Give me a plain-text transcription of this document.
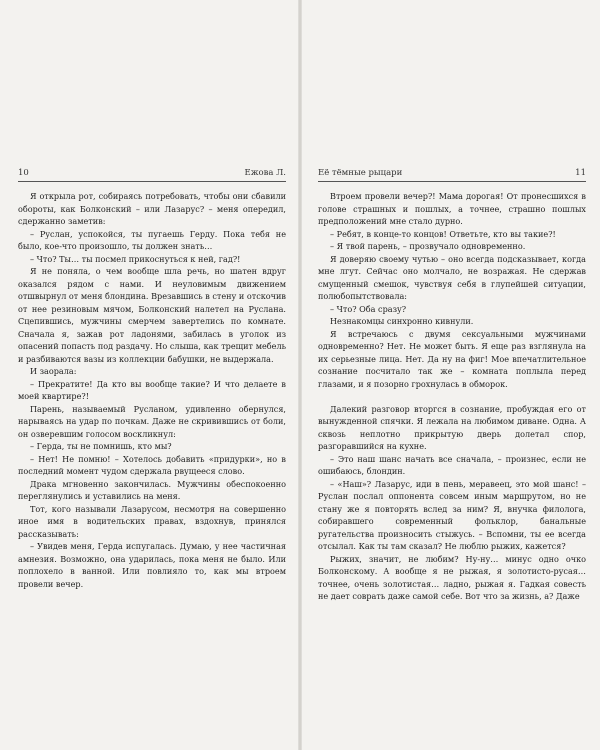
10	Ежова Л.

Я открыла рот, собираясь потребовать, чтобы они сбавили обороты, как Болконский – или Лазарус? – меня опередил, сдержанно заметив:

– Руслан, успокойся, ты пугаешь Герду. Пока тебя не было, кое-что произошло, ты должен знать…

– Что? Ты… ты посмел прикоснуться к ней, гад?!

Я не поняла, о чем вообще шла речь, но шатен вдруг оказался рядом с нами. И неуловимым движением отшвырнул от меня блондина. Врезавшись в стену и отскочив от нее резиновым мячом, Болконский налетел на Руслана. Сцепившись, мужчины смерчем завертелись по комнате. Сначала я, зажав рот ладонями, забилась в уголок из опасений попасть под раздачу. Но слыша, как трещит мебель и разбиваются вазы из коллекции бабушки, не выдержала.

И заорала:

– Прекратите! Да кто вы вообще такие? И что делаете в моей квартире?!

Парень, называемый Русланом, удивленно обернулся, нарываясь на удар по почкам. Даже не скривившись от боли, он озверевшим голосом воскликнул:

– Герда, ты не помнишь, кто мы?

– Нет! Не помню! – Хотелось добавить «придурки», но в последний момент чудом сдержала рвущееся слово.

Драка мгновенно закончилась. Мужчины обеспокоенно переглянулись и уставились на меня.

Тот, кого называли Лазарусом, несмотря на совершенно иное имя в водительских правах, вздохнув, принялся рассказывать:

– Увидев меня, Герда испугалась. Думаю, у нее частичная амнезия. Возможно, она ударилась, пока меня не было. Или поплохело в ванной. Или повлияло то, как мы втроем провели вечер.

Её тёмные рыцари	11

Втроем провели вечер?! Мама дорогая! От пронесшихся в голове страшных и пошлых, а точнее, страшно пошлых предположений мне стало дурно.

– Ребят, в конце-то концов! Ответьте, кто вы такие?!

– Я твой парень, – прозвучало одновременно.

Я доверяю своему чутью – оно всегда подсказывает, когда мне лгут. Сейчас оно молчало, не возражая. Не сдержав смущенный смешок, чувствуя себя в глупейшей ситуации, полюбопытствовала:

– Что? Оба сразу?

Незнакомцы синхронно кивнули.

Я встречаюсь с двумя сексуальными мужчинами одновременно? Нет. Не может быть. Я еще раз взглянула на их серьезные лица. Нет. Да ну на фиг! Мое впечатлительное сознание посчитало так же – комната поплыла перед глазами, и я позорно грохнулась в обморок.

Далекий разговор вторгся в сознание, пробуждая его от вынужденной спячки. Я лежала на любимом диване. Одна. А сквозь неплотно прикрытую дверь долетал спор, разгоравшийся на кухне.

– Это наш шанс начать все сначала, – произнес, если не ошибаюсь, блондин.

– «Наш»? Лазарус, иди в пень, меравеец, это мой шанс! – Руслан послал оппонента совсем иным маршрутом, но не стану же я повторять вслед за ним? Я, внучка филолога, собиравшего современный фольклор, банальные ругательства произносить стыжусь. – Вспомни, ты ее всегда отсылал. Как ты там сказал? Не люблю рыжих, кажется?

Рыжих, значит, не любим? Ну-ну… минус одно очко Болконскому. А вообще я не рыжая, я золотисто-русая… точнее, очень золотистая… ладно, рыжая я. Гадкая совесть не дает соврать даже самой себе. Вот что за жизнь, а? Даже
